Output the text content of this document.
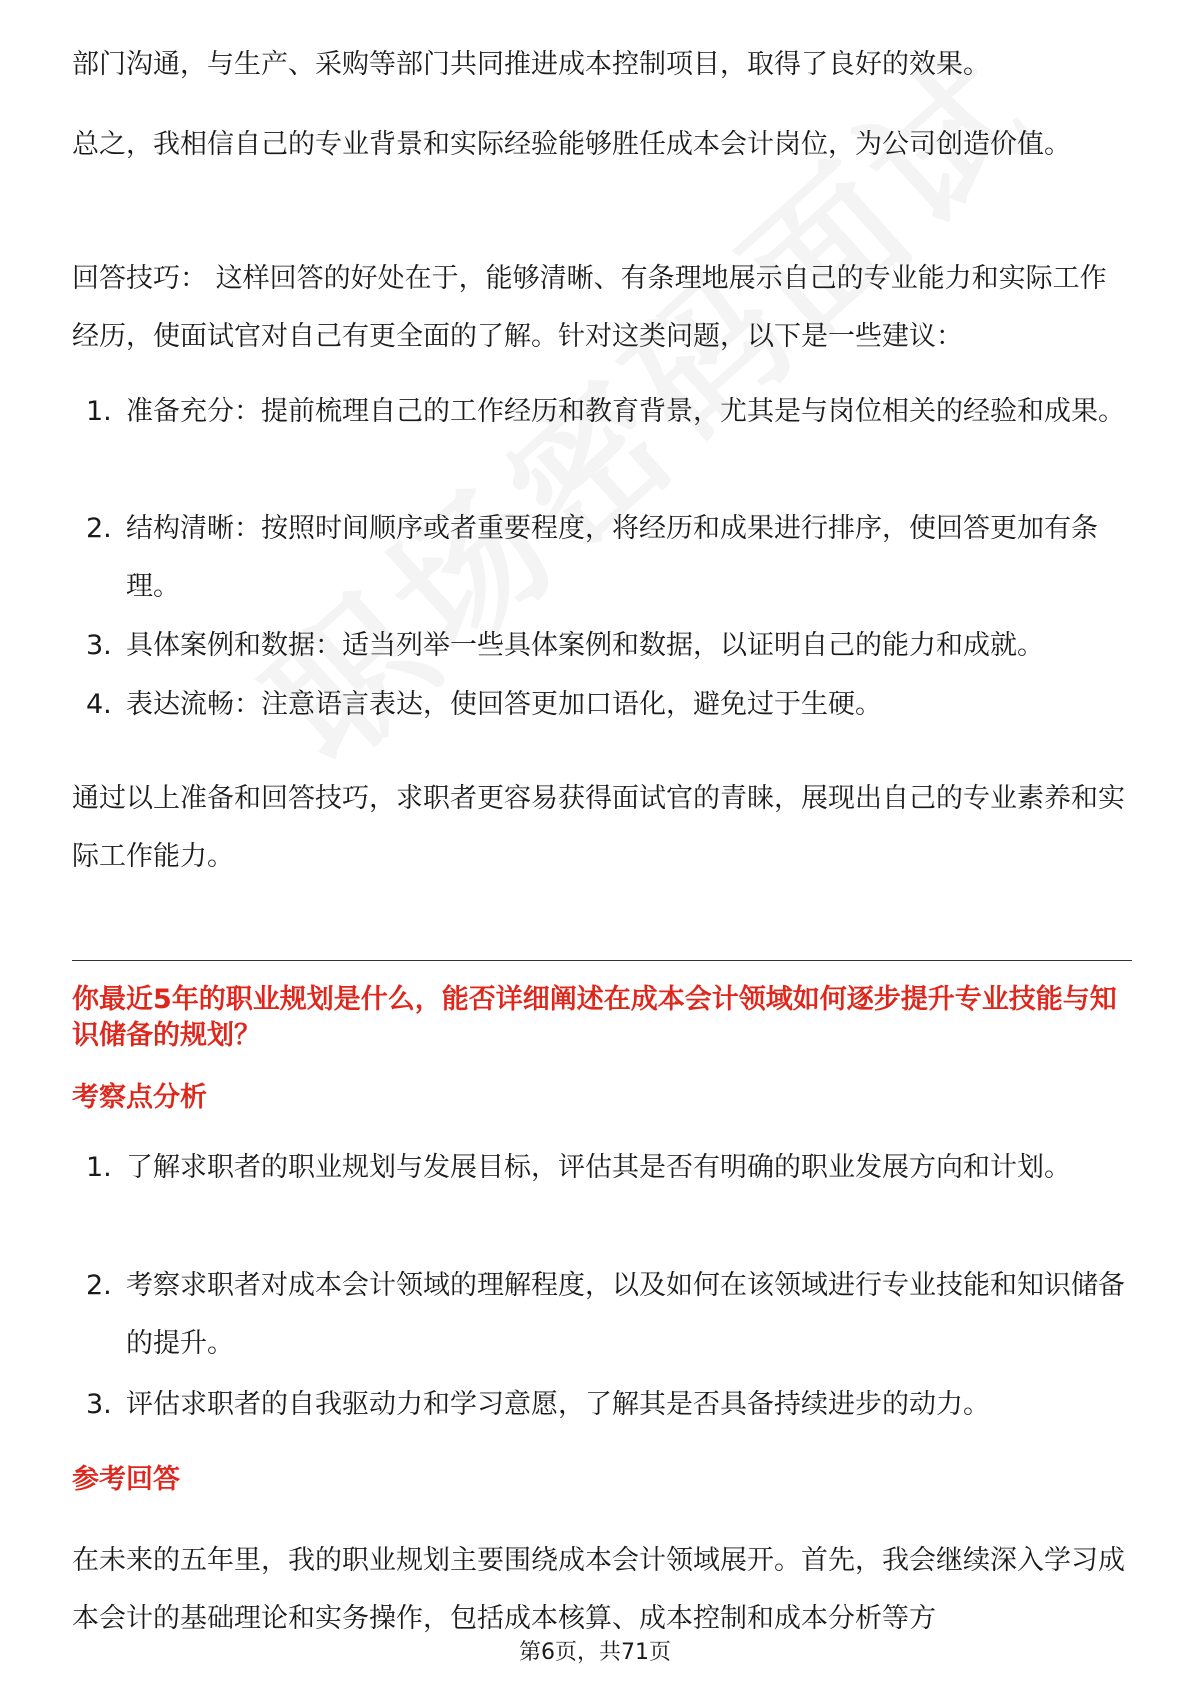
部门沟通，与生产、采购等部门共同推进成本控制项目，取得了良好的效果。

总之，我相信自己的专业背景和实际经验能够胜任成本会计岗位，为公司创造价值。

回答技巧： 这样回答的好处在于，能够清晰、有条理地展示自己的专业能力和实际工作经历，使面试官对自己有更全面的了解。针对这类问题，以下是一些建议：

1. 准备充分：提前梳理自己的工作经历和教育背景，尤其是与岗位相关的经验和成果。
2. 结构清晰：按照时间顺序或者重要程度，将经历和成果进行排序，使回答更加有条理。
3. 具体案例和数据：适当列举一些具体案例和数据，以证明自己的能力和成就。
4. 表达流畅：注意语言表达，使回答更加口语化，避免过于生硬。

通过以上准备和回答技巧，求职者更容易获得面试官的青睐，展现出自己的专业素养和实际工作能力。

你最近5年的职业规划是什么，能否详细阐述在成本会计领域如何逐步提升专业技能与知识储备的规划？
考察点分析
1. 了解求职者的职业规划与发展目标，评估其是否有明确的职业发展方向和计划。
2. 考察求职者对成本会计领域的理解程度，以及如何在该领域进行专业技能和知识储备的提升。
3. 评估求职者的自我驱动力和学习意愿，了解其是否具备持续进步的动力。
参考回答

在未来的五年里，我的职业规划主要围绕成本会计领域展开。首先，我会继续深入学习成本会计的基础理论和实务操作，包括成本核算、成本控制和成本分析等方

第6页，共71页
